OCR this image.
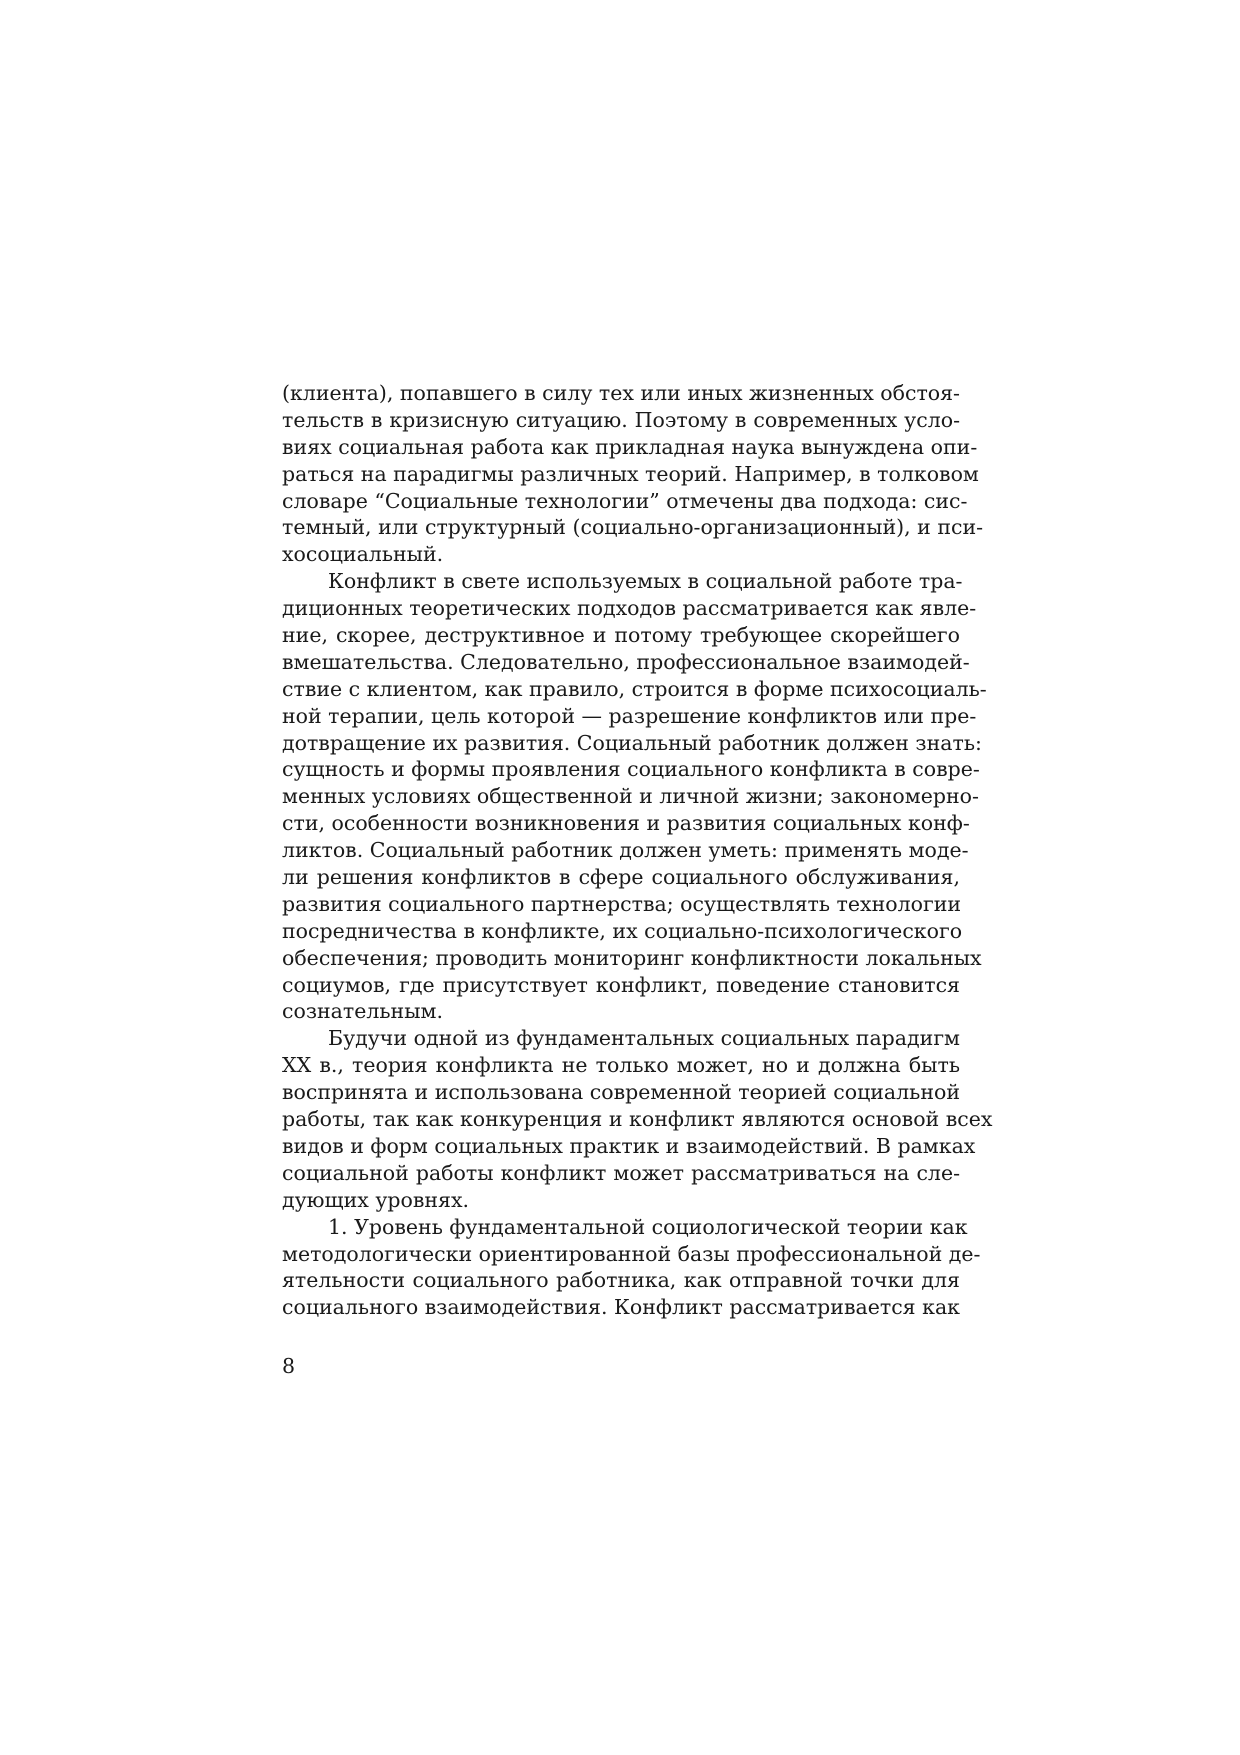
(клиента), попавшего в силу тех или иных жизненных обстоя-
тельств в кризисную ситуацию. Поэтому в современных усло-
виях социальная работа как прикладная наука вынуждена опи-
раться на парадигмы различных теорий. Например, в толковом
словаре “Социальные технологии” отмечены два подхода: сис-
темный, или структурный (социально-организационный), и пси-
хосоциальный.
Конфликт в свете используемых в социальной работе тра-
диционных теоретических подходов рассматривается как явле-
ние, скорее, деструктивное и потому требующее скорейшего
вмешательства. Следовательно, профессиональное взаимодей-
ствие с клиентом, как правило, строится в форме психосоциаль-
ной терапии, цель которой — разрешение конфликтов или пре-
дотвращение их развития. Социальный работник должен знать:
сущность и формы проявления социального конфликта в совре-
менных условиях общественной и личной жизни; закономерно-
сти, особенности возникновения и развития социальных конф-
ликтов. Социальный работник должен уметь: применять моде-
ли решения конфликтов в сфере социального обслуживания,
развития социального партнерства; осуществлять технологии
посредничества в конфликте, их социально-психологического
обеспечения; проводить мониторинг конфликтности локальных
социумов, где присутствует конфликт, поведение становится
сознательным.
Будучи одной из фундаментальных социальных парадигм
XX в., теория конфликта не только может, но и должна быть
воспринята и использована современной теорией социальной
работы, так как конкуренция и конфликт являются основой всех
видов и форм социальных практик и взаимодействий. В рамках
социальной работы конфликт может рассматриваться на сле-
дующих уровнях.
1. Уровень фундаментальной социологической теории как
методологически ориентированной базы профессиональной де-
ятельности социального работника, как отправной точки для
социального взаимодействия. Конфликт рассматривается как
8
